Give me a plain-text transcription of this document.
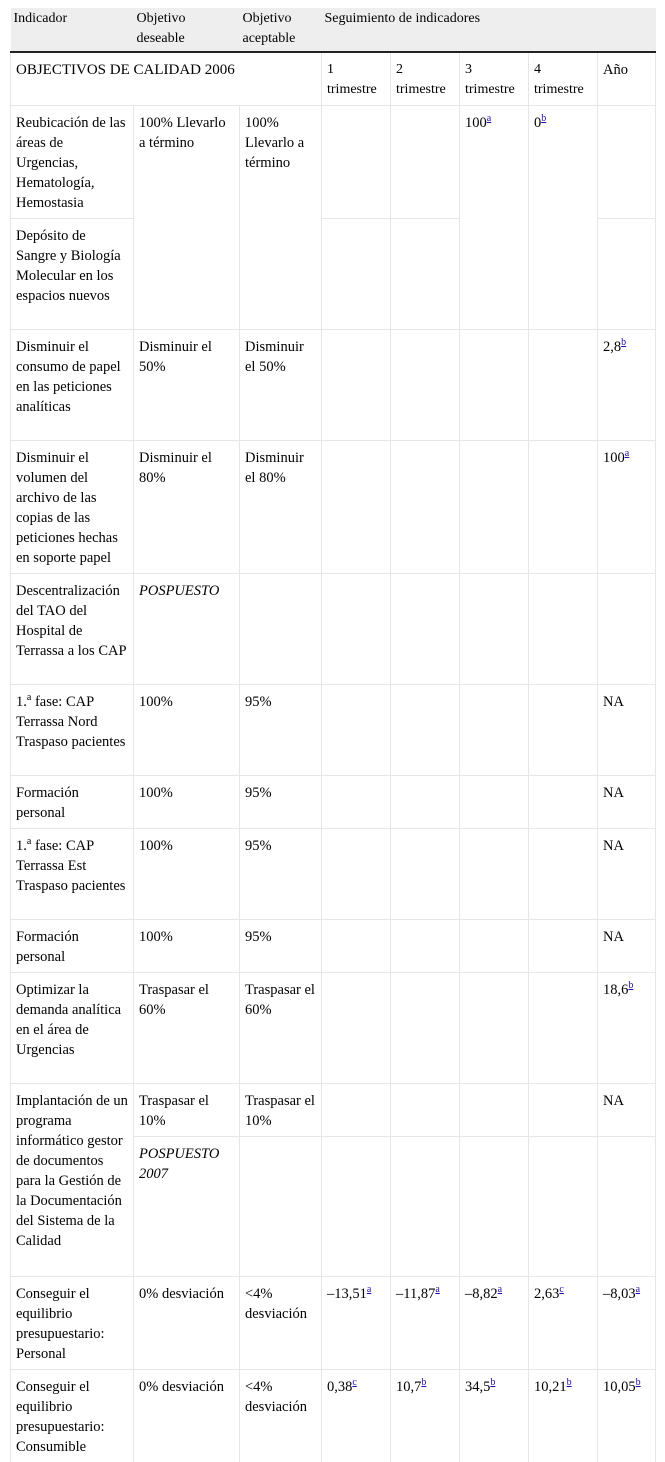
Indicador	Objetivo deseable	Objetivo aceptable	Seguimiento de indicadores				
OBJECTIVOS DE CALIDAD 2006			1 trimestre	2 trimestre	3 trimestre	4 trimestre	Año
Reubicación de las áreas de Urgencias, Hematología, Hemostasia	100% Llevarlo a término	100% Llevarlo a término			100$^a$	0$^b$	
Depósito de Sangre y Biología Molecular en los espacios nuevos							
Disminuir el consumo de papel en las peticiones analíticas	Disminuir el 50%	Disminuir el 50%					2,8$^b$
Disminuir el volumen del archivo de las copias de las peticiones hechas en soporte papel	Disminuir el 80%	Disminuir el 80%					100$^a$
Descentralización del TAO del Hospital de Terrassa a los CAP	POSPUESTO						
1.$^a$ fase: CAP Terrassa Nord Traspaso pacientes	100%	95%					NA
Formación personal	100%	95%					NA
1.$^a$ fase: CAP Terrassa Est Traspaso pacientes	100%	95%					NA
Formación personal	100%	95%					NA
Optimizar la demanda analítica en el área de Urgencias	Traspasar el 60%	Traspasar el 60%					18,6$^b$
Implantación de un programa informático gestor de documentos para la Gestión de la Documentación del Sistema de la Calidad	Traspasar el 10%	Traspasar el 10%					NA
	POSPUESTO 2007						
Conseguir el equilibrio presupuestario: Personal	0% desviación	<4% desviación	–13,51$^a$	–11,87$^a$	–8,82$^a$	2,63$^c$	–8,03$^a$
Conseguir el equilibrio presupuestario: Consumible	0% desviación	<4% desviación	0,38$^c$	10,7$^b$	34,5$^b$	10,21$^b$	10,05$^b$
